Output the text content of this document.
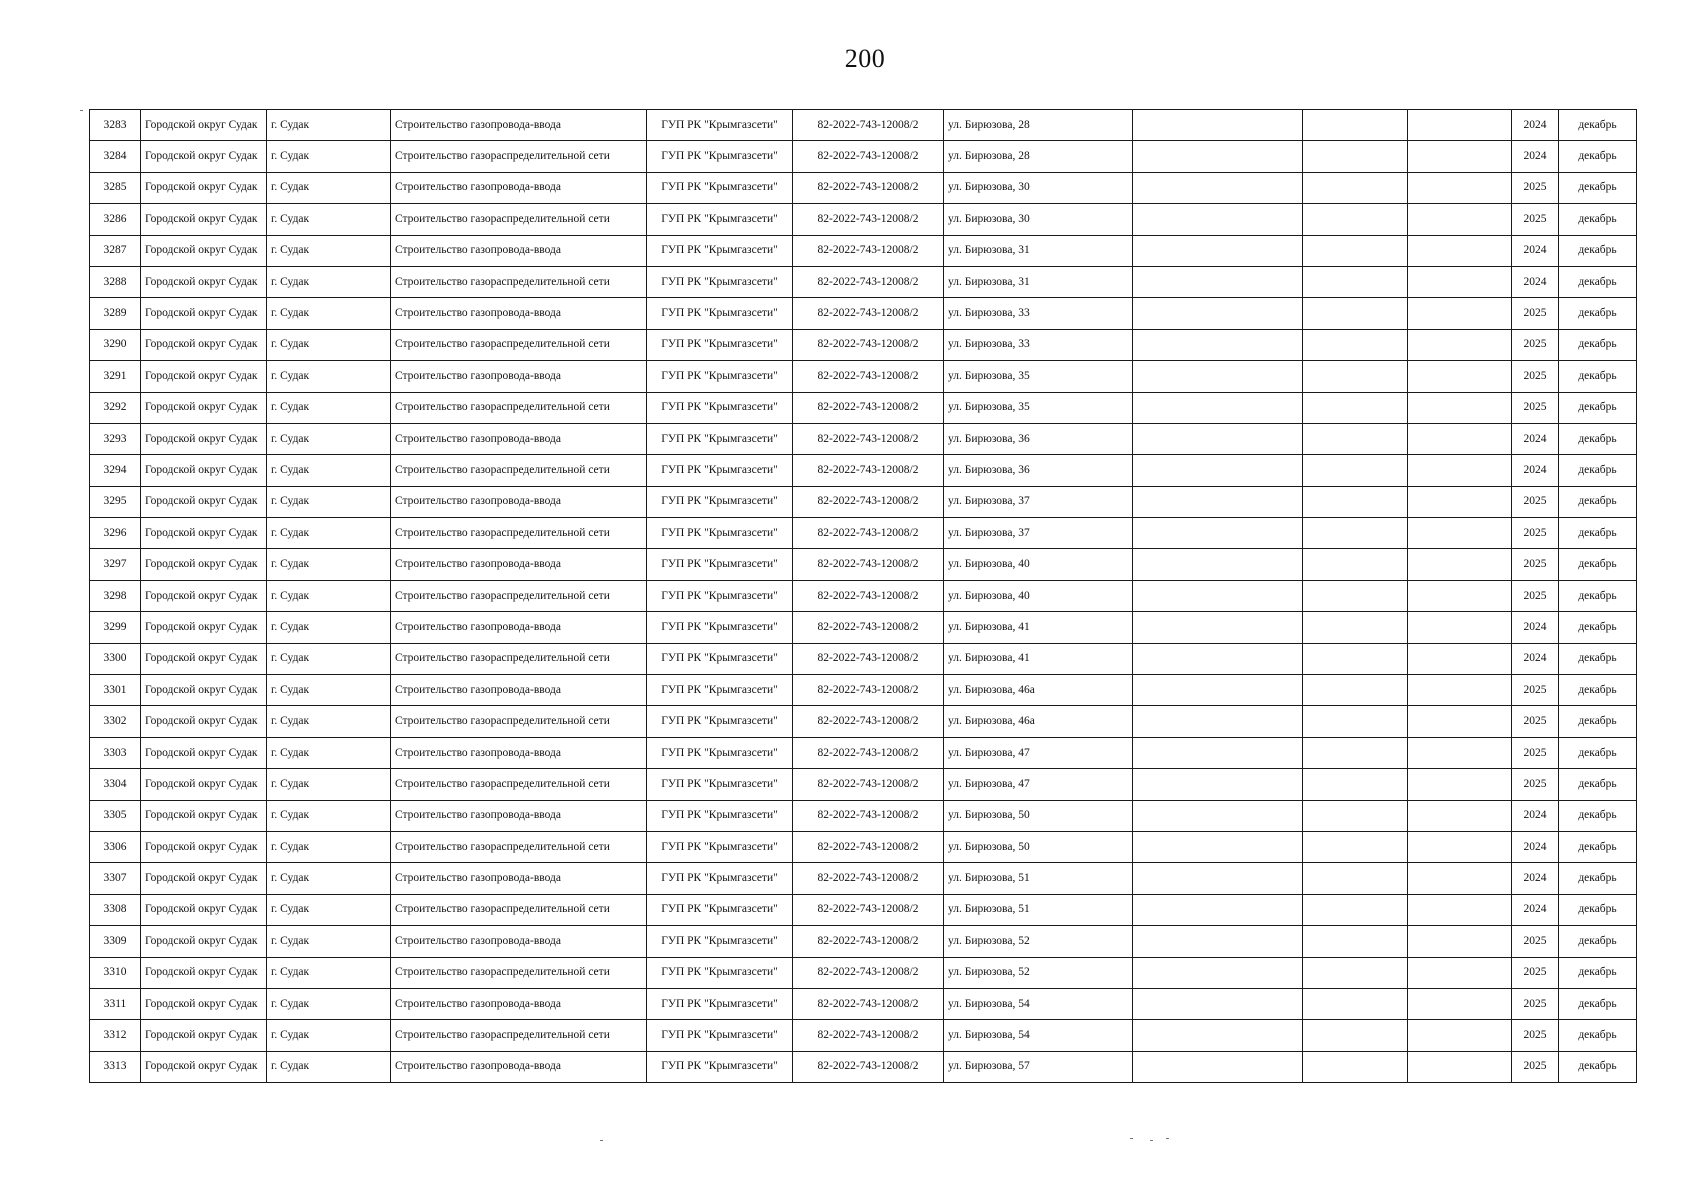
200
3283	Городской округ Судак	г. Судак	Строительство газопровода-ввода	ГУП РК "Крымгазсети"	82-2022-743-12008/2	ул. Бирюзова, 28				2024	декабрь
3284	Городской округ Судак	г. Судак	Строительство газораспределительной сети	ГУП РК "Крымгазсети"	82-2022-743-12008/2	ул. Бирюзова, 28				2024	декабрь
3285	Городской округ Судак	г. Судак	Строительство газопровода-ввода	ГУП РК "Крымгазсети"	82-2022-743-12008/2	ул. Бирюзова, 30				2025	декабрь
3286	Городской округ Судак	г. Судак	Строительство газораспределительной сети	ГУП РК "Крымгазсети"	82-2022-743-12008/2	ул. Бирюзова, 30				2025	декабрь
3287	Городской округ Судак	г. Судак	Строительство газопровода-ввода	ГУП РК "Крымгазсети"	82-2022-743-12008/2	ул. Бирюзова, 31				2024	декабрь
3288	Городской округ Судак	г. Судак	Строительство газораспределительной сети	ГУП РК "Крымгазсети"	82-2022-743-12008/2	ул. Бирюзова, 31				2024	декабрь
3289	Городской округ Судак	г. Судак	Строительство газопровода-ввода	ГУП РК "Крымгазсети"	82-2022-743-12008/2	ул. Бирюзова, 33				2025	декабрь
3290	Городской округ Судак	г. Судак	Строительство газораспределительной сети	ГУП РК "Крымгазсети"	82-2022-743-12008/2	ул. Бирюзова, 33				2025	декабрь
3291	Городской округ Судак	г. Судак	Строительство газопровода-ввода	ГУП РК "Крымгазсети"	82-2022-743-12008/2	ул. Бирюзова, 35				2025	декабрь
3292	Городской округ Судак	г. Судак	Строительство газораспределительной сети	ГУП РК "Крымгазсети"	82-2022-743-12008/2	ул. Бирюзова, 35				2025	декабрь
3293	Городской округ Судак	г. Судак	Строительство газопровода-ввода	ГУП РК "Крымгазсети"	82-2022-743-12008/2	ул. Бирюзова, 36				2024	декабрь
3294	Городской округ Судак	г. Судак	Строительство газораспределительной сети	ГУП РК "Крымгазсети"	82-2022-743-12008/2	ул. Бирюзова, 36				2024	декабрь
3295	Городской округ Судак	г. Судак	Строительство газопровода-ввода	ГУП РК "Крымгазсети"	82-2022-743-12008/2	ул. Бирюзова, 37				2025	декабрь
3296	Городской округ Судак	г. Судак	Строительство газораспределительной сети	ГУП РК "Крымгазсети"	82-2022-743-12008/2	ул. Бирюзова, 37				2025	декабрь
3297	Городской округ Судак	г. Судак	Строительство газопровода-ввода	ГУП РК "Крымгазсети"	82-2022-743-12008/2	ул. Бирюзова, 40				2025	декабрь
3298	Городской округ Судак	г. Судак	Строительство газораспределительной сети	ГУП РК "Крымгазсети"	82-2022-743-12008/2	ул. Бирюзова, 40				2025	декабрь
3299	Городской округ Судак	г. Судак	Строительство газопровода-ввода	ГУП РК "Крымгазсети"	82-2022-743-12008/2	ул. Бирюзова, 41				2024	декабрь
3300	Городской округ Судак	г. Судак	Строительство газораспределительной сети	ГУП РК "Крымгазсети"	82-2022-743-12008/2	ул. Бирюзова, 41				2024	декабрь
3301	Городской округ Судак	г. Судак	Строительство газопровода-ввода	ГУП РК "Крымгазсети"	82-2022-743-12008/2	ул. Бирюзова, 46а				2025	декабрь
3302	Городской округ Судак	г. Судак	Строительство газораспределительной сети	ГУП РК "Крымгазсети"	82-2022-743-12008/2	ул. Бирюзова, 46а				2025	декабрь
3303	Городской округ Судак	г. Судак	Строительство газопровода-ввода	ГУП РК "Крымгазсети"	82-2022-743-12008/2	ул. Бирюзова, 47				2025	декабрь
3304	Городской округ Судак	г. Судак	Строительство газораспределительной сети	ГУП РК "Крымгазсети"	82-2022-743-12008/2	ул. Бирюзова, 47				2025	декабрь
3305	Городской округ Судак	г. Судак	Строительство газопровода-ввода	ГУП РК "Крымгазсети"	82-2022-743-12008/2	ул. Бирюзова, 50				2024	декабрь
3306	Городской округ Судак	г. Судак	Строительство газораспределительной сети	ГУП РК "Крымгазсети"	82-2022-743-12008/2	ул. Бирюзова, 50				2024	декабрь
3307	Городской округ Судак	г. Судак	Строительство газопровода-ввода	ГУП РК "Крымгазсети"	82-2022-743-12008/2	ул. Бирюзова, 51				2024	декабрь
3308	Городской округ Судак	г. Судак	Строительство газораспределительной сети	ГУП РК "Крымгазсети"	82-2022-743-12008/2	ул. Бирюзова, 51				2024	декабрь
3309	Городской округ Судак	г. Судак	Строительство газопровода-ввода	ГУП РК "Крымгазсети"	82-2022-743-12008/2	ул. Бирюзова, 52				2025	декабрь
3310	Городской округ Судак	г. Судак	Строительство газораспределительной сети	ГУП РК "Крымгазсети"	82-2022-743-12008/2	ул. Бирюзова, 52				2025	декабрь
3311	Городской округ Судак	г. Судак	Строительство газопровода-ввода	ГУП РК "Крымгазсети"	82-2022-743-12008/2	ул. Бирюзова, 54				2025	декабрь
3312	Городской округ Судак	г. Судак	Строительство газораспределительной сети	ГУП РК "Крымгазсети"	82-2022-743-12008/2	ул. Бирюзова, 54				2025	декабрь
3313	Городской округ Судак	г. Судак	Строительство газопровода-ввода	ГУП РК "Крымгазсети"	82-2022-743-12008/2	ул. Бирюзова, 57				2025	декабрь
